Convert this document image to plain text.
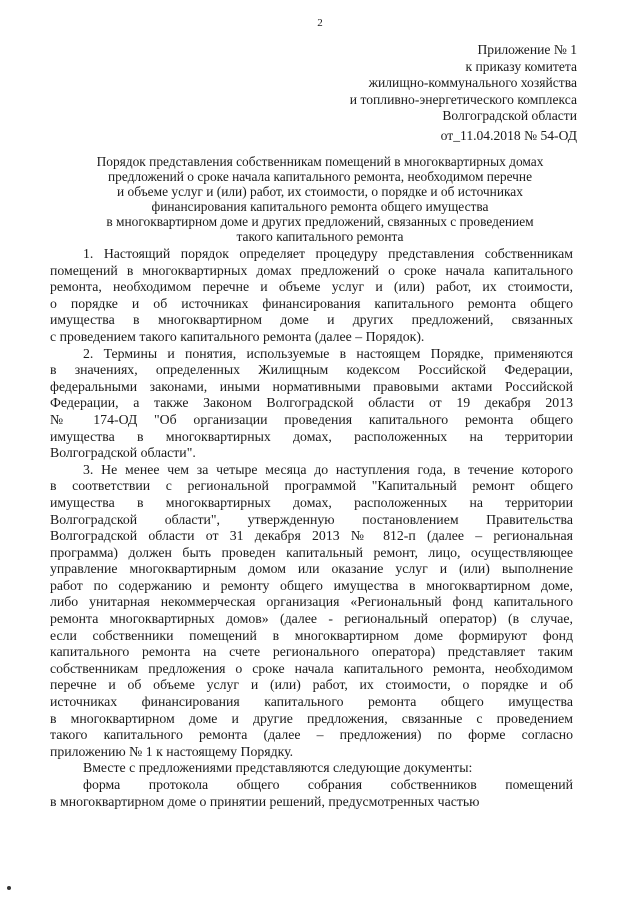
2
Приложение № 1
к приказу комитета
жилищно-коммунального хозяйства
и топливно-энергетического комплекса
Волгоградской области
от_11.04.2018 № 54-ОД
Порядок представления собственникам помещений в многоквартирных домах
предложений о сроке начала капитального ремонта, необходимом перечне
и объеме услуг и (или) работ, их стоимости, о порядке и об источниках
финансирования капитального ремонта общего имущества
в многоквартирном доме и других предложений, связанных с проведением
такого капитального ремонта
1. Настоящий порядок определяет процедуру представления собственникам
помещений в многоквартирных домах предложений о сроке начала капитального
ремонта, необходимом перечне и объеме услуг и (или) работ, их стоимости,
о порядке и об источниках финансирования капитального ремонта общего
имущества в многоквартирном доме и других предложений, связанных
с проведением такого капитального ремонта (далее – Порядок).
2. Термины и понятия, используемые в настоящем Порядке, применяются
в значениях, определенных Жилищным кодексом Российской Федерации,
федеральными законами, иными нормативными правовыми актами Российской
Федерации, а также Законом Волгоградской области от 19 декабря 2013
№ 174-ОД "Об организации проведения капитального ремонта общего
имущества в многоквартирных домах, расположенных на территории
Волгоградской области".
3. Не менее чем за четыре месяца до наступления года, в течение которого
в соответствии с региональной программой "Капитальный ремонт общего
имущества в многоквартирных домах, расположенных на территории
Волгоградской области", утвержденную постановлением Правительства
Волгоградской области от 31 декабря 2013 № 812-п (далее – региональная
программа) должен быть проведен капитальный ремонт, лицо, осуществляющее
управление многоквартирным домом или оказание услуг и (или) выполнение
работ по содержанию и ремонту общего имущества в многоквартирном доме,
либо унитарная некоммерческая организация «Региональный фонд капитального
ремонта многоквартирных домов» (далее - региональный оператор) (в случае,
если собственники помещений в многоквартирном доме формируют фонд
капитального ремонта на счете регионального оператора) представляет таким
собственникам предложения о сроке начала капитального ремонта, необходимом
перечне и об объеме услуг и (или) работ, их стоимости, о порядке и об
источниках финансирования капитального ремонта общего имущества
в многоквартирном доме и другие предложения, связанные с проведением
такого капитального ремонта (далее – предложения) по форме согласно
приложению № 1 к настоящему Порядку.
Вместе с предложениями представляются следующие документы:
форма протокола общего собрания собственников помещений
в многоквартирном доме о принятии решений, предусмотренных частью
